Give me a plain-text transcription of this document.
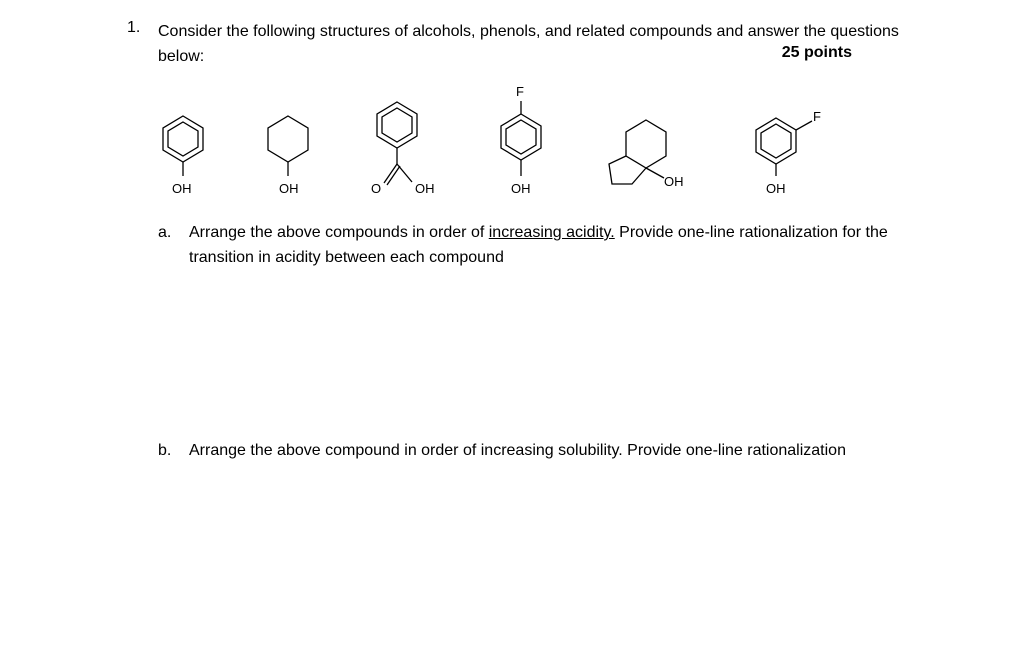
1. Consider the following structures of alcohols, phenols, and related compounds and answer the questions below:	25 points
OH	OH	O	OH
F
OH	OH
F
OH
a. Arrange the above compounds in order of increasing acidity. Provide one-line rationalization for the transition in acidity between each compound
b. Arrange the above compound in order of increasing solubility. Provide one-line rationalization
